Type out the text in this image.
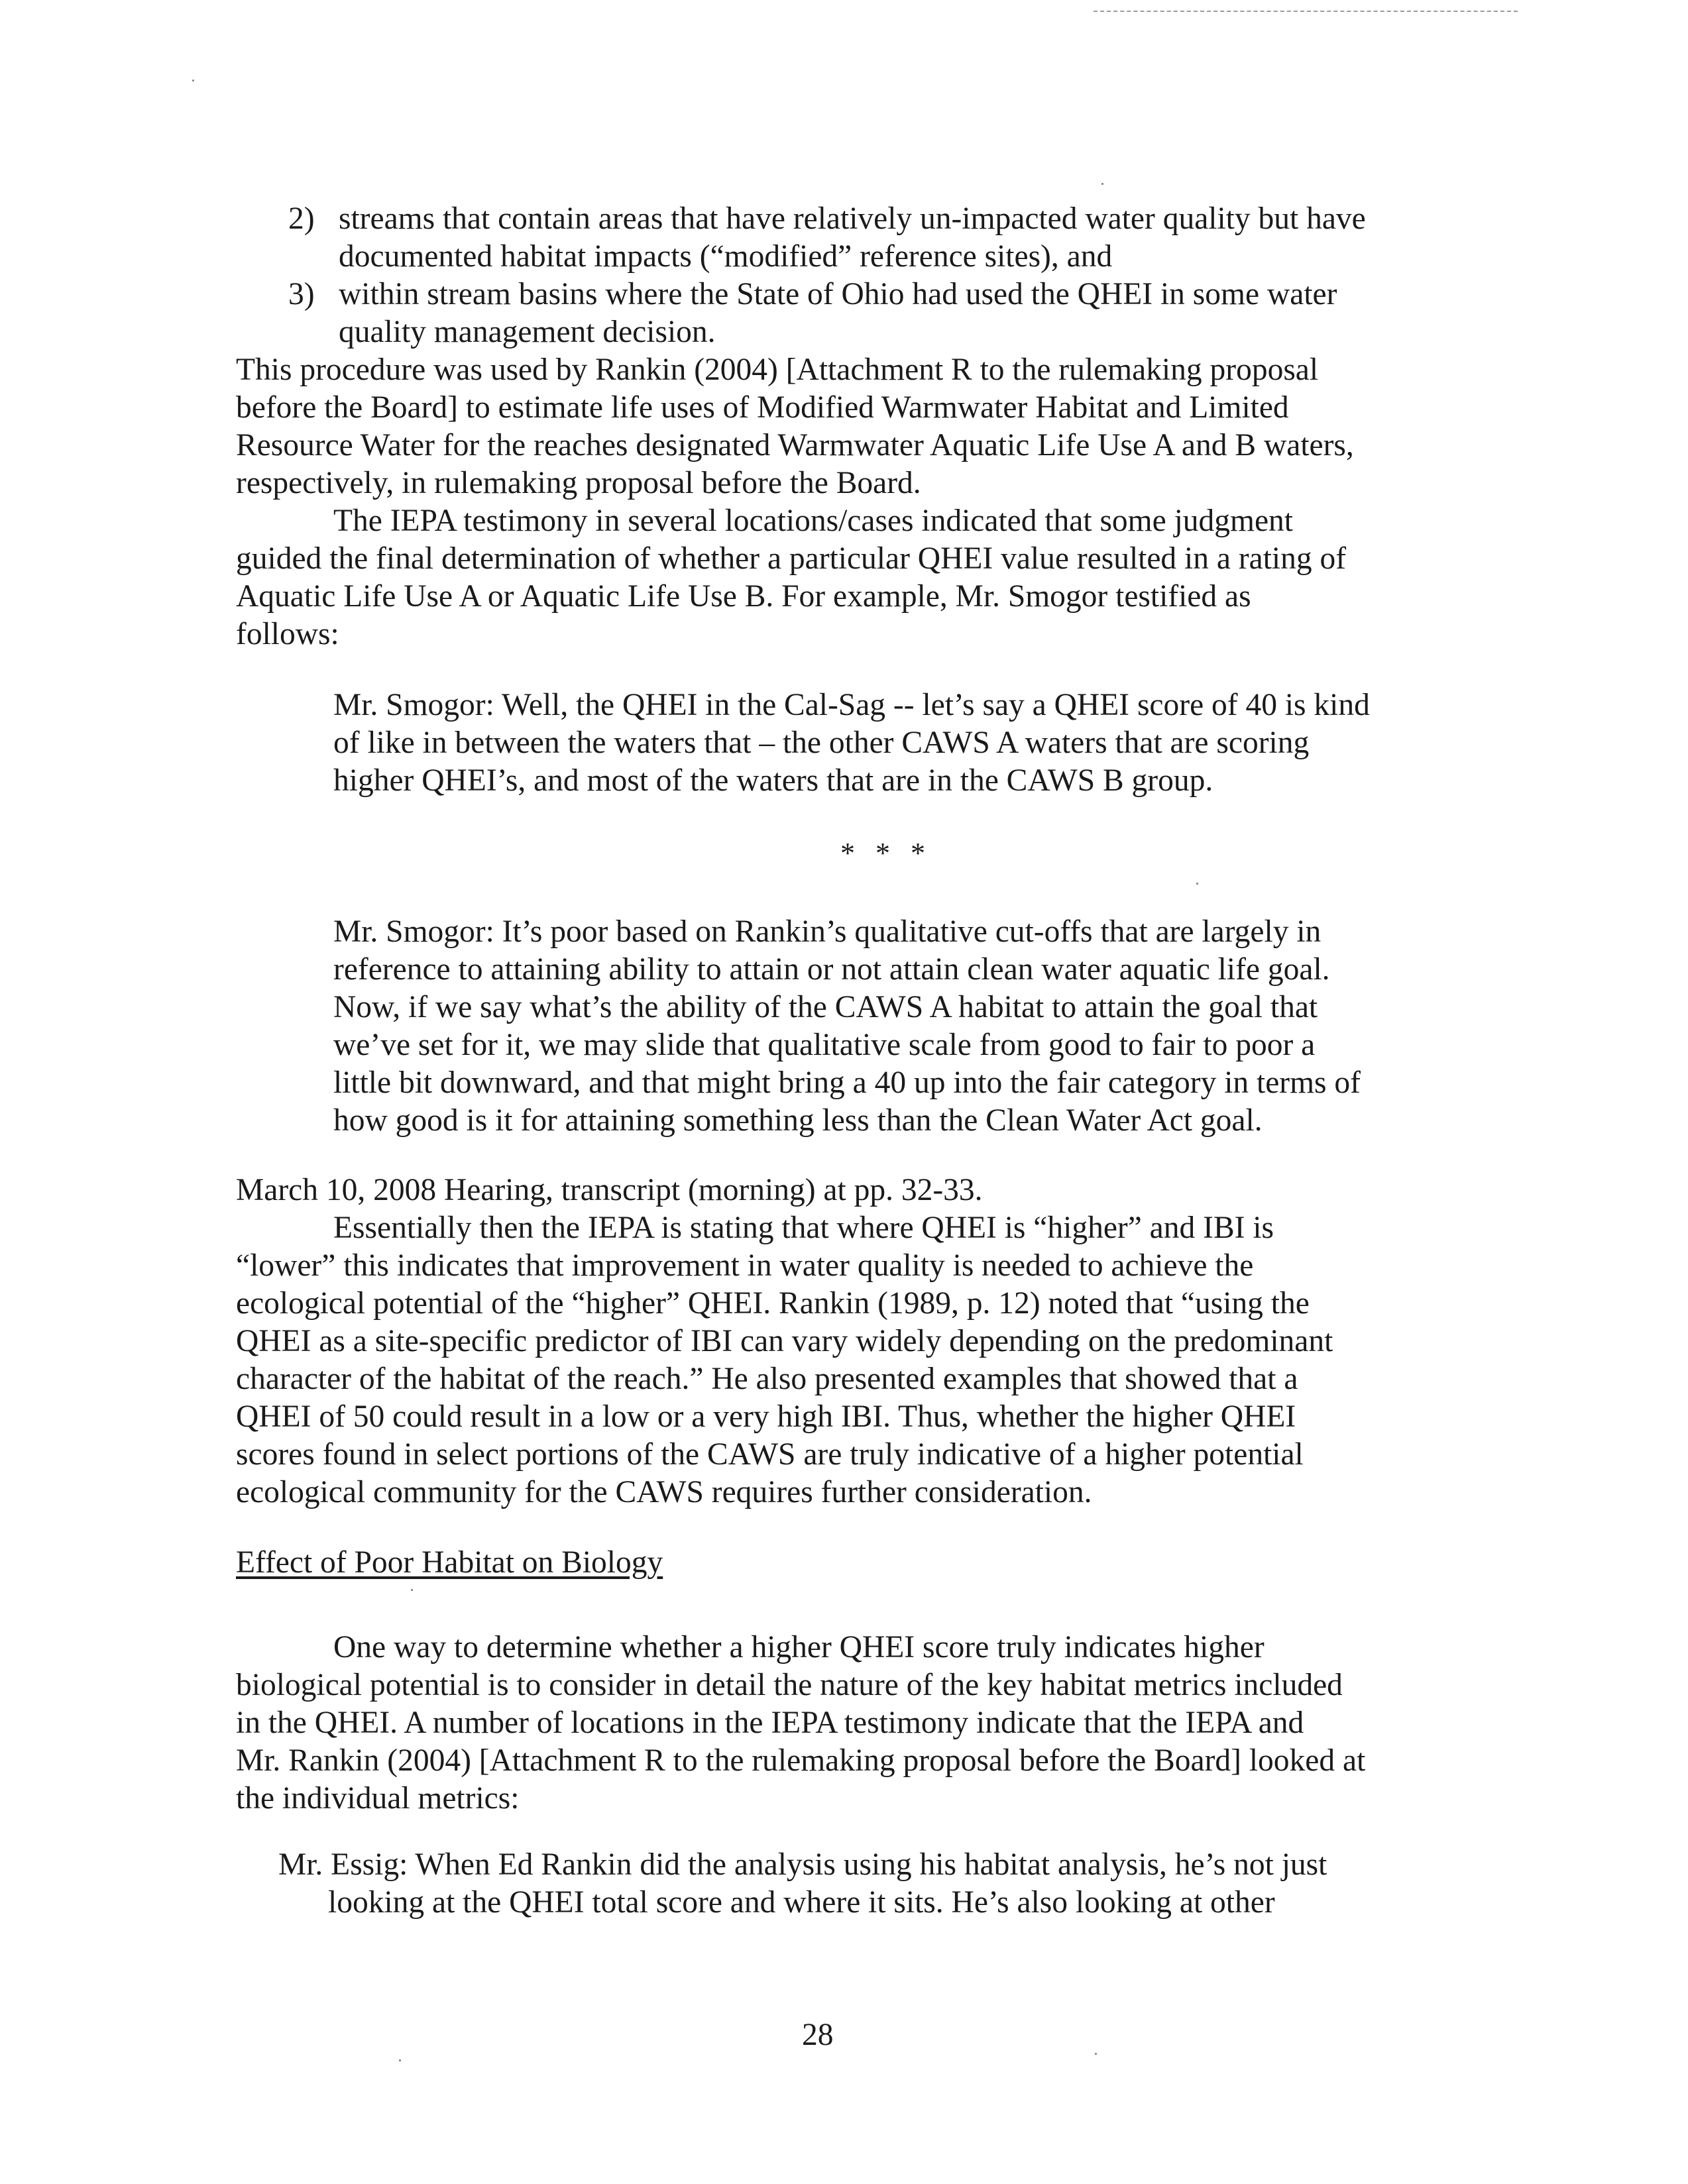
2) streams that contain areas that have relatively un-impacted water quality but have
documented habitat impacts (“modified” reference sites), and
3) within stream basins where the State of Ohio had used the QHEI in some water
quality management decision.

This procedure was used by Rankin (2004) [Attachment R to the rulemaking proposal
before the Board] to estimate life uses of Modified Warmwater Habitat and Limited
Resource Water for the reaches designated Warmwater Aquatic Life Use A and B waters,
respectively, in rulemaking proposal before the Board.

The IEPA testimony in several locations/cases indicated that some judgment

guided the final determination of whether a particular QHEI value resulted in a rating of
Aquatic Life Use A or Aquatic Life Use B. For example, Mr. Smogor testified as
follows:

Mr. Smogor: Well, the QHEI in the Cal-Sag -- let’s say a QHEI score of 40 is kind
of like in between the waters that – the other CAWS A waters that are scoring
higher QHEI’s, and most of the waters that are in the CAWS B group.

* * *

Mr. Smogor: It’s poor based on Rankin’s qualitative cut-offs that are largely in
reference to attaining ability to attain or not attain clean water aquatic life goal.
Now, if we say what’s the ability of the CAWS A habitat to attain the goal that
we’ve set for it, we may slide that qualitative scale from good to fair to poor a
little bit downward, and that might bring a 40 up into the fair category in terms of
how good is it for attaining something less than the Clean Water Act goal.

March 10, 2008 Hearing, transcript (morning) at pp. 32-33.

Essentially then the IEPA is stating that where QHEI is “higher” and IBI is

“lower” this indicates that improvement in water quality is needed to achieve the
ecological potential of the “higher” QHEI. Rankin (1989, p. 12) noted that “using the
QHEI as a site-specific predictor of IBI can vary widely depending on the predominant
character of the habitat of the reach.” He also presented examples that showed that a
QHEI of 50 could result in a low or a very high IBI. Thus, whether the higher QHEI
scores found in select portions of the CAWS are truly indicative of a higher potential
ecological community for the CAWS requires further consideration.

Effect of Poor Habitat on Biology

One way to determine whether a higher QHEI score truly indicates higher

biological potential is to consider in detail the nature of the key habitat metrics included
in the QHEI. A number of locations in the IEPA testimony indicate that the IEPA and
Mr. Rankin (2004) [Attachment R to the rulemaking proposal before the Board] looked at
the individual metrics:

Mr. Essig: When Ed Rankin did the analysis using his habitat analysis, he’s not just

looking at the QHEI total score and where it sits. He’s also looking at other

28
